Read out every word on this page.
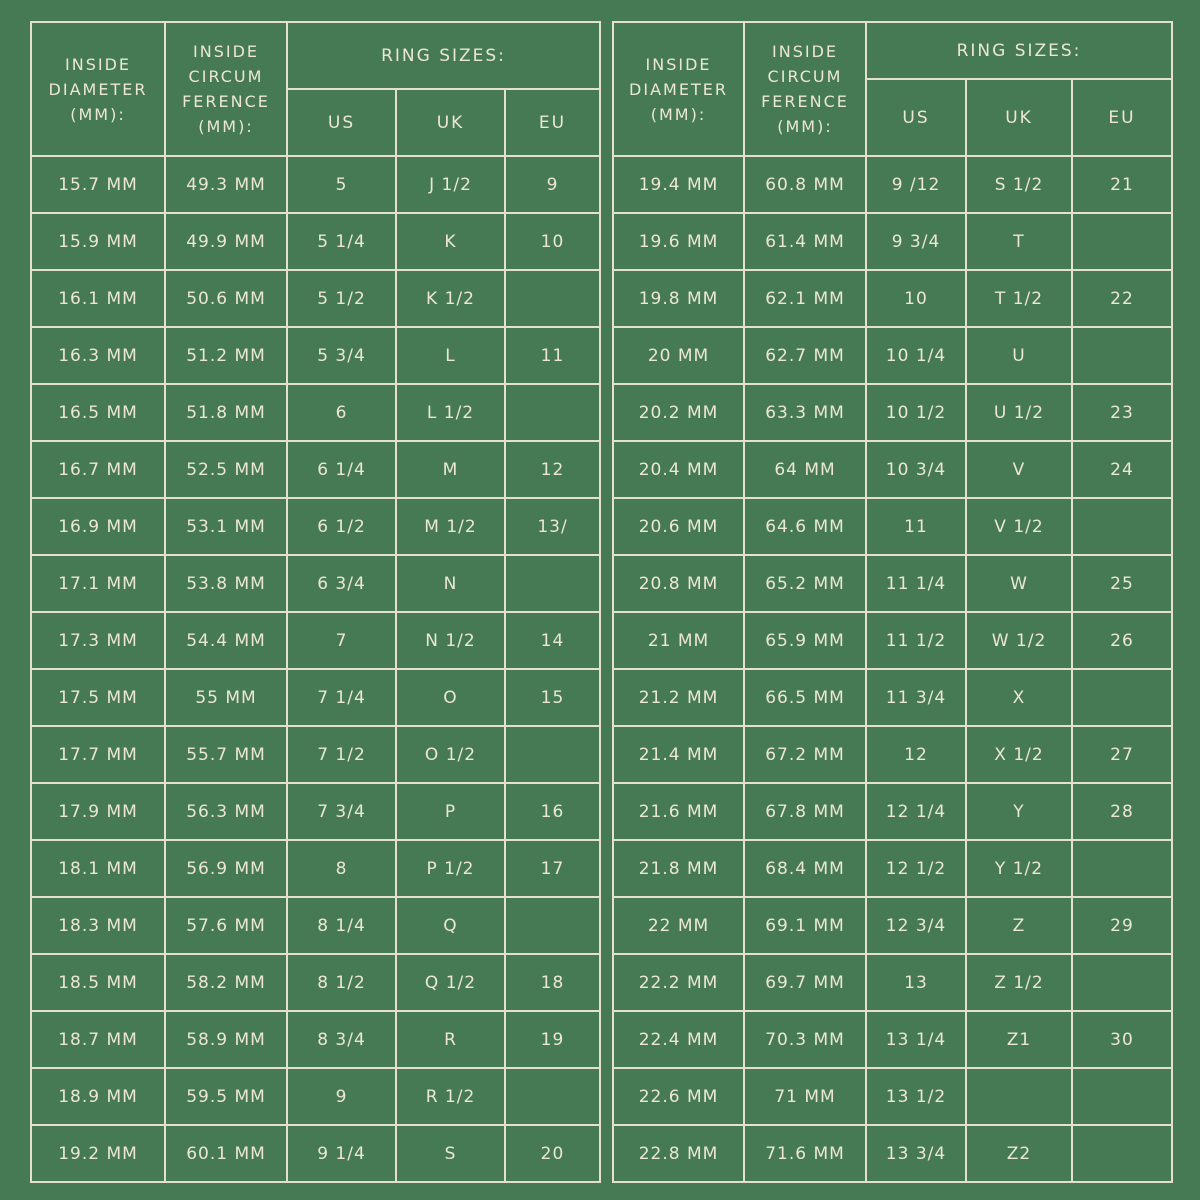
INSIDE DIAMETER (MM):	INSIDE CIRCUM FERENCE (MM):	RING SIZES:		
		US	UK	EU
15.7 MM	49.3 MM	5	J 1/2	9
15.9 MM	49.9 MM	5 1/4	K	10
16.1 MM	50.6 MM	5 1/2	K 1/2	
16.3 MM	51.2 MM	5 3/4	L	11
16.5 MM	51.8 MM	6	L 1/2	
16.7 MM	52.5 MM	6 1/4	M	12
16.9 MM	53.1 MM	6 1/2	M 1/2	13/
17.1 MM	53.8 MM	6 3/4	N	
17.3 MM	54.4 MM	7	N 1/2	14
17.5 MM	55 MM	7 1/4	O	15
17.7 MM	55.7 MM	7 1/2	O 1/2	
17.9 MM	56.3 MM	7 3/4	P	16
18.1 MM	56.9 MM	8	P 1/2	17
18.3 MM	57.6 MM	8 1/4	Q	
18.5 MM	58.2 MM	8 1/2	Q 1/2	18
18.7 MM	58.9 MM	8 3/4	R	19
18.9 MM	59.5 MM	9	R 1/2	
19.2 MM	60.1 MM	9 1/4	S	20
INSIDE DIAMETER (MM):	INSIDE CIRCUM FERENCE (MM):	RING SIZES:		
		US	UK	EU
19.4 MM	60.8 MM	9 /12	S 1/2	21
19.6 MM	61.4 MM	9 3/4	T	
19.8 MM	62.1 MM	10	T 1/2	22
20 MM	62.7 MM	10 1/4	U	
20.2 MM	63.3 MM	10 1/2	U 1/2	23
20.4 MM	64 MM	10 3/4	V	24
20.6 MM	64.6 MM	11	V 1/2	
20.8 MM	65.2 MM	11 1/4	W	25
21 MM	65.9 MM	11 1/2	W 1/2	26
21.2 MM	66.5 MM	11 3/4	X	
21.4 MM	67.2 MM	12	X 1/2	27
21.6 MM	67.8 MM	12 1/4	Y	28
21.8 MM	68.4 MM	12 1/2	Y 1/2	
22 MM	69.1 MM	12 3/4	Z	29
22.2 MM	69.7 MM	13	Z 1/2	
22.4 MM	70.3 MM	13 1/4	Z1	30
22.6 MM	71 MM	13 1/2		
22.8 MM	71.6 MM	13 3/4	Z2	
